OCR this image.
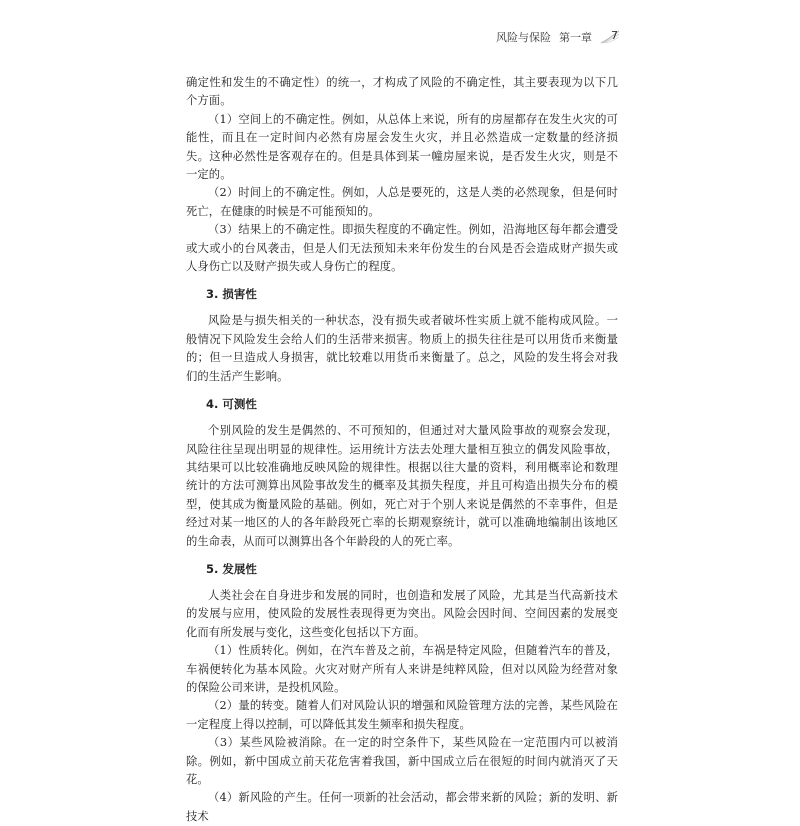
风险与保险 第一章 7

确定性和发生的不确定性）的统一，才构成了风险的不确定性，其主要表现为以下几个方面。

（1）空间上的不确定性。例如，从总体上来说，所有的房屋都存在发生火灾的可能性，而且在一定时间内必然有房屋会发生火灾，并且必然造成一定数量的经济损失。这种必然性是客观存在的。但是具体到某一幢房屋来说，是否发生火灾，则是不一定的。

（2）时间上的不确定性。例如，人总是要死的，这是人类的必然现象，但是何时死亡，在健康的时候是不可能预知的。

（3）结果上的不确定性。即损失程度的不确定性。例如，沿海地区每年都会遭受或大或小的台风袭击，但是人们无法预知未来年份发生的台风是否会造成财产损失或人身伤亡以及财产损失或人身伤亡的程度。

3. 损害性

风险是与损失相关的一种状态，没有损失或者破坏性实质上就不能构成风险。一般情况下风险发生会给人们的生活带来损害。物质上的损失往往是可以用货币来衡量的；但一旦造成人身损害，就比较难以用货币来衡量了。总之，风险的发生将会对我们的生活产生影响。

4. 可测性

个别风险的发生是偶然的、不可预知的，但通过对大量风险事故的观察会发现，风险往往呈现出明显的规律性。运用统计方法去处理大量相互独立的偶发风险事故，其结果可以比较准确地反映风险的规律性。根据以往大量的资料，利用概率论和数理统计的方法可测算出风险事故发生的概率及其损失程度，并且可构造出损失分布的模型，使其成为衡量风险的基础。例如，死亡对于个别人来说是偶然的不幸事件，但是经过对某一地区的人的各年龄段死亡率的长期观察统计，就可以准确地编制出该地区的生命表，从而可以测算出各个年龄段的人的死亡率。

5. 发展性

人类社会在自身进步和发展的同时，也创造和发展了风险，尤其是当代高新技术的发展与应用，使风险的发展性表现得更为突出。风险会因时间、空间因素的发展变化而有所发展与变化，这些变化包括以下方面。

（1）性质转化。例如，在汽车普及之前，车祸是特定风险，但随着汽车的普及，车祸便转化为基本风险。火灾对财产所有人来讲是纯粹风险，但对以风险为经营对象的保险公司来讲，是投机风险。

（2）量的转变。随着人们对风险认识的增强和风险管理方法的完善，某些风险在一定程度上得以控制，可以降低其发生频率和损失程度。

（3）某些风险被消除。在一定的时空条件下，某些风险在一定范围内可以被消除。例如，新中国成立前天花危害着我国，新中国成立后在很短的时间内就消灭了天花。

（4）新风险的产生。任何一项新的社会活动，都会带来新的风险；新的发明、新技术
